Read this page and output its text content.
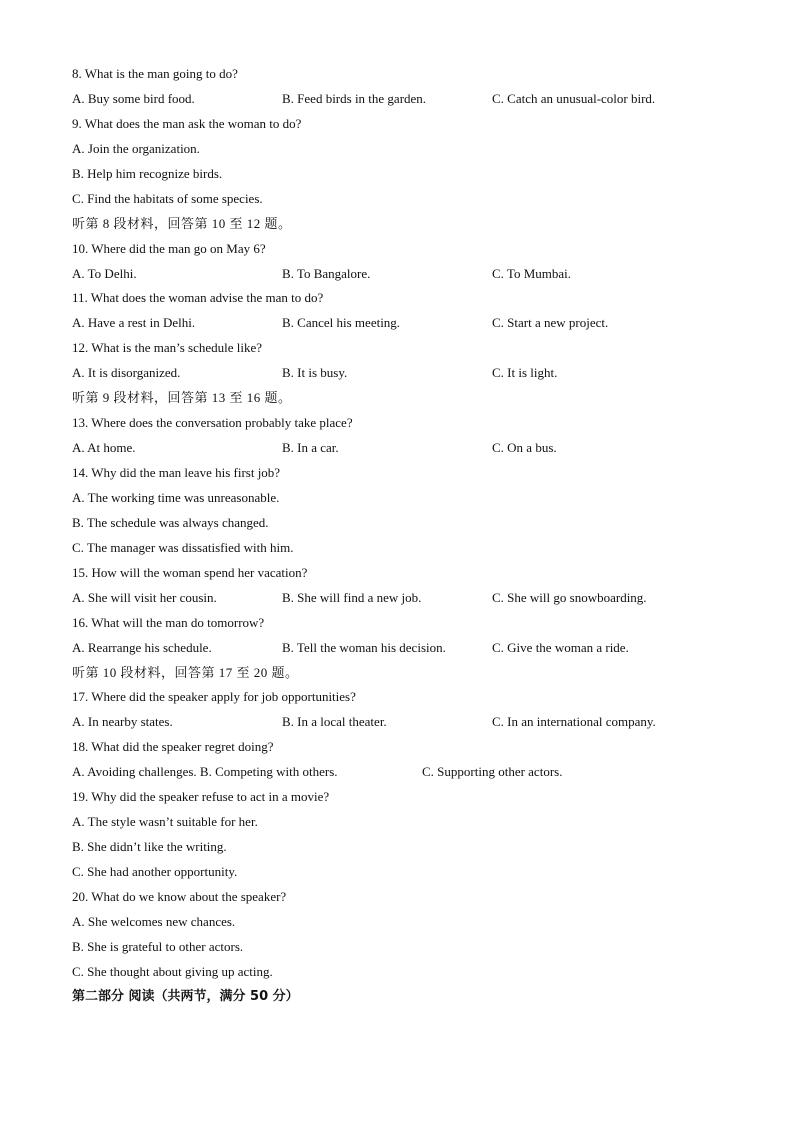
8. What is the man going to do?
A. Buy some bird food.	B. Feed birds in the garden.	C. Catch an unusual-color bird.
9. What does the man ask the woman to do?
A. Join the organization.
B. Help him recognize birds.
C. Find the habitats of some species.
听第 8 段材料，回答第 10 至 12 题。
10. Where did the man go on May 6?
A. To Delhi.	B. To Bangalore.	C. To Mumbai.
11. What does the woman advise the man to do?
A. Have a rest in Delhi.	B. Cancel his meeting.	C. Start a new project.
12. What is the man’s schedule like?
A. It is disorganized.	B. It is busy.	C. It is light.
听第 9 段材料，回答第 13 至 16 题。
13. Where does the conversation probably take place?
A. At home.	B. In a car.	C. On a bus.
14. Why did the man leave his first job?
A. The working time was unreasonable.
B. The schedule was always changed.
C. The manager was dissatisfied with him.
15. How will the woman spend her vacation?
A. She will visit her cousin.	B. She will find a new job.	C. She will go snowboarding.
16. What will the man do tomorrow?
A. Rearrange his schedule.	B. Tell the woman his decision.	C. Give the woman a ride.
听第 10 段材料，回答第 17 至 20 题。
17. Where did the speaker apply for job opportunities?
A. In nearby states.	B. In a local theater.	C. In an international company.
18. What did the speaker regret doing?
A. Avoiding challenges. B. Competing with others.	C. Supporting other actors.
19. Why did the speaker refuse to act in a movie?
A. The style wasn’t suitable for her.
B. She didn’t like the writing.
C. She had another opportunity.
20. What do we know about the speaker?
A. She welcomes new chances.
B. She is grateful to other actors.
C. She thought about giving up acting.
第二部分 阅读（共两节，满分 50 分）
